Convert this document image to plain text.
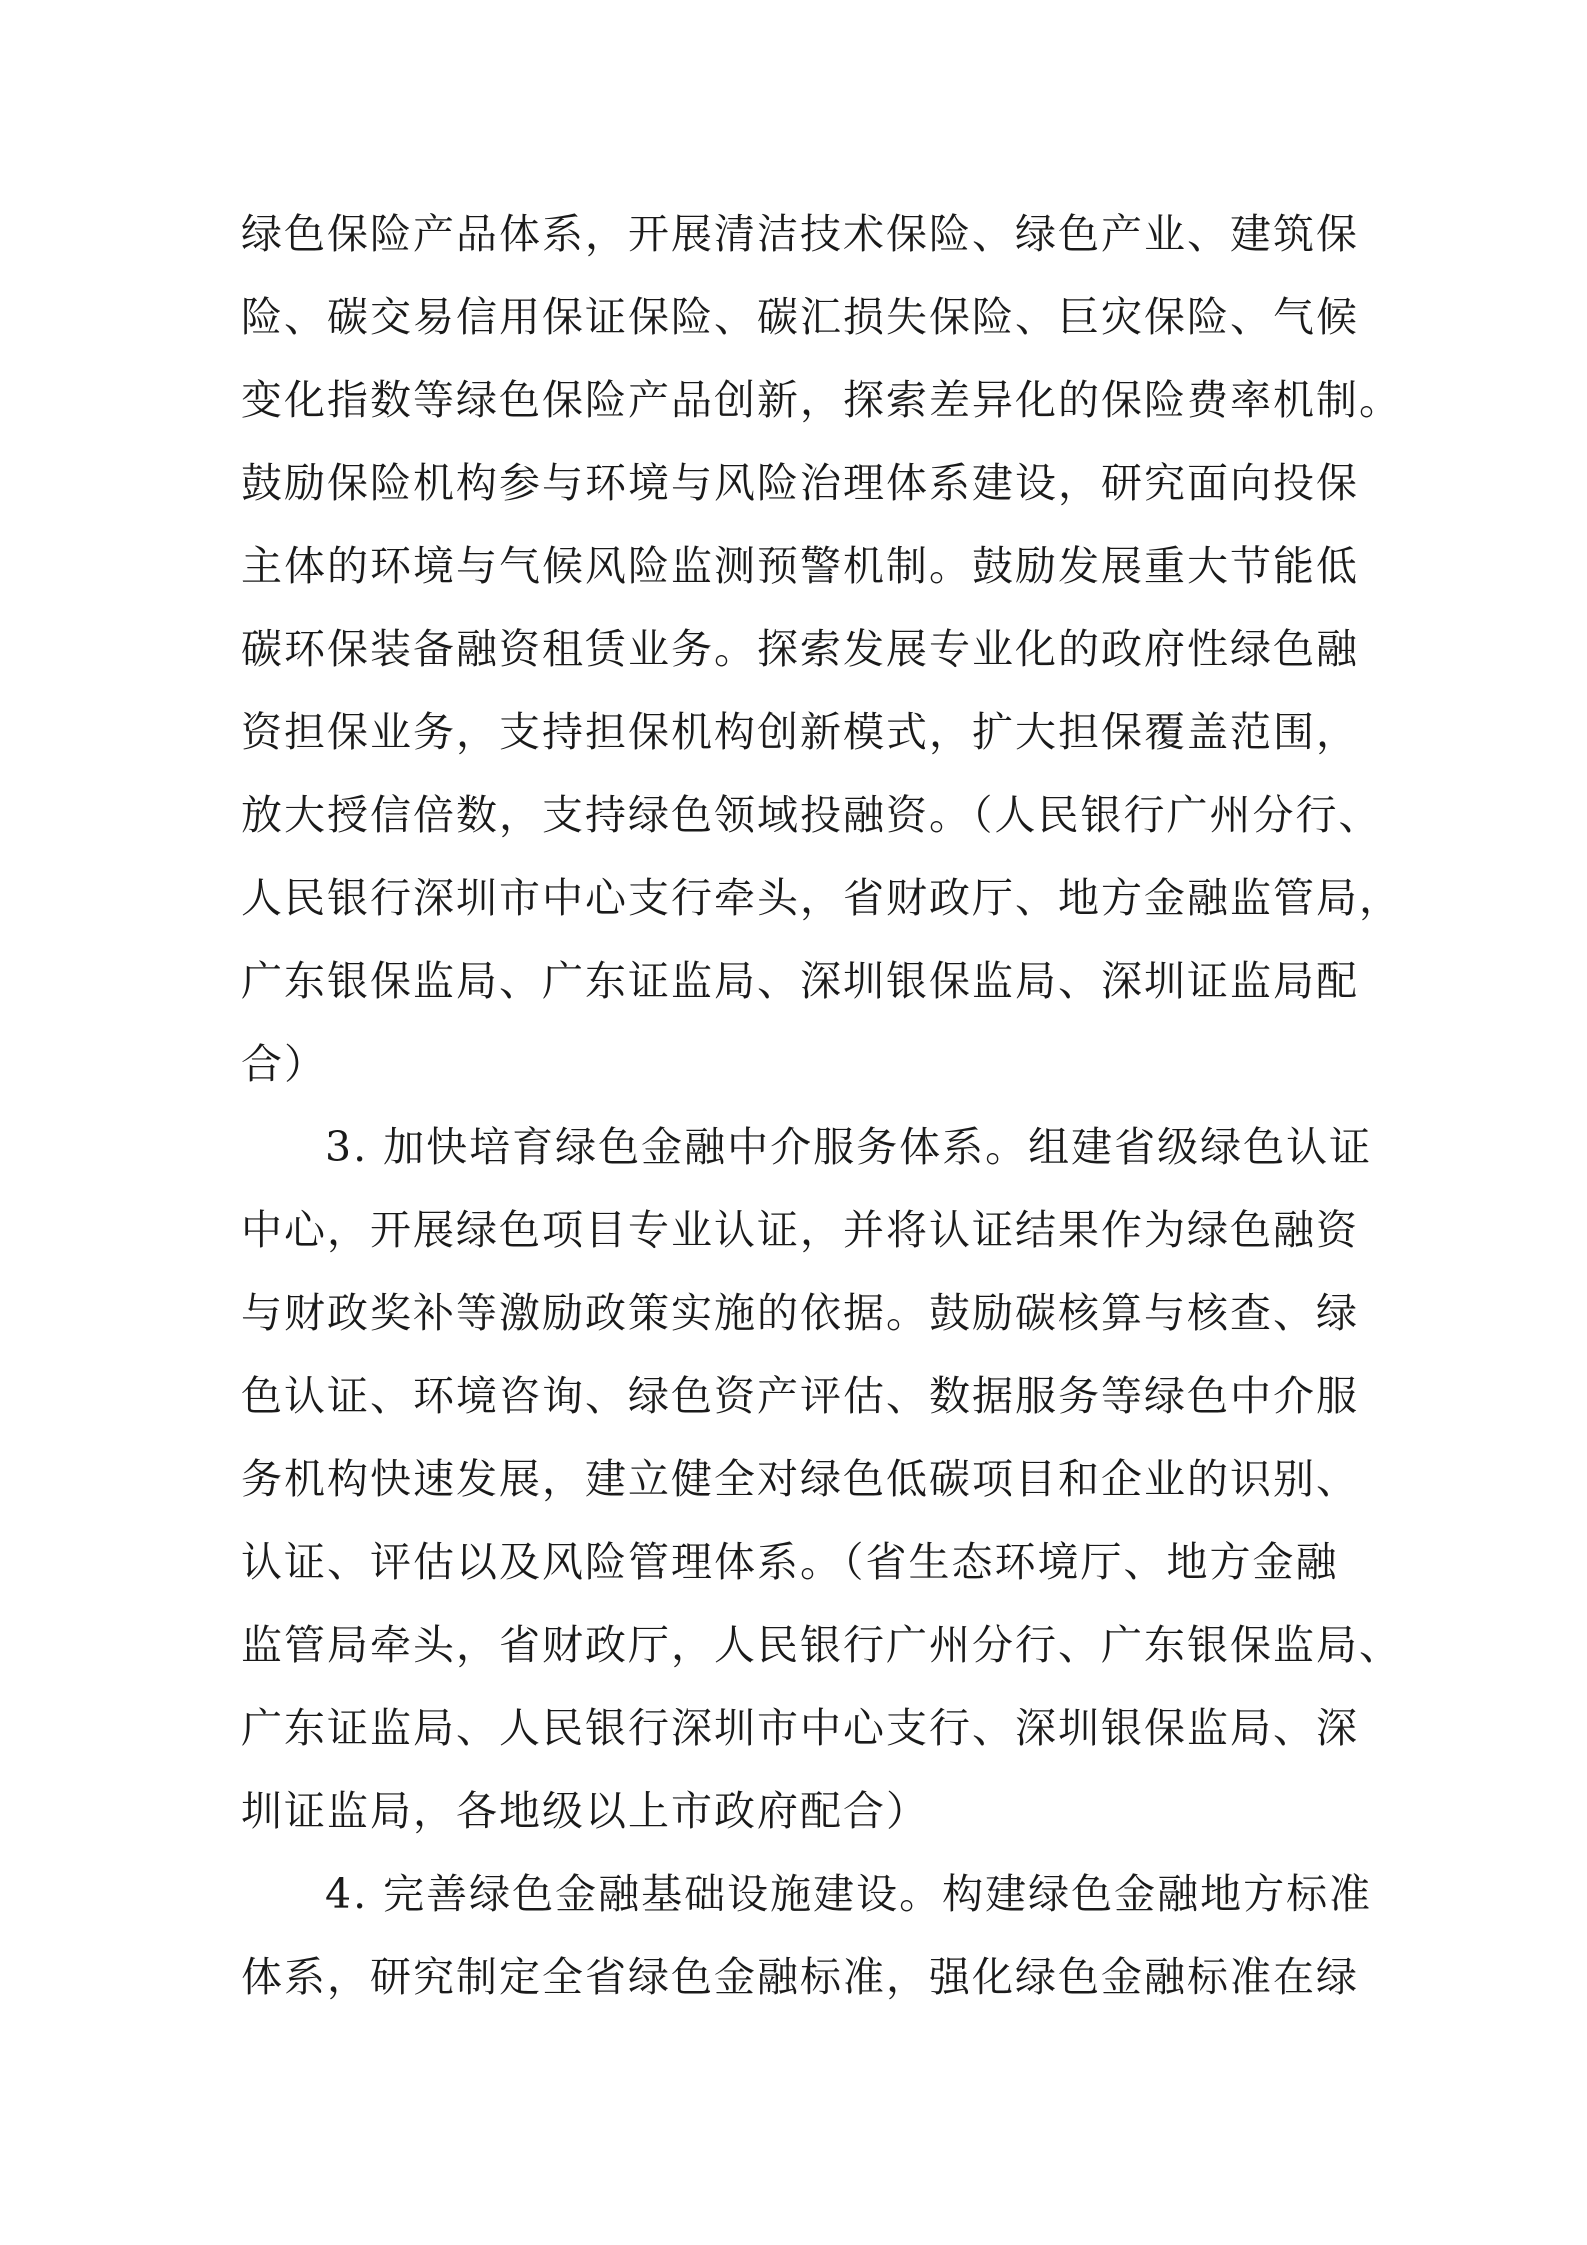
绿色保险产品体系，开展清洁技术保险、绿色产业、建筑保
险、碳交易信用保证保险、碳汇损失保险、巨灾保险、气候
变化指数等绿色保险产品创新，探索差异化的保险费率机制。
鼓励保险机构参与环境与风险治理体系建设，研究面向投保
主体的环境与气候风险监测预警机制。鼓励发展重大节能低
碳环保装备融资租赁业务。探索发展专业化的政府性绿色融
资担保业务，支持担保机构创新模式，扩大担保覆盖范围，
放大授信倍数，支持绿色领域投融资。（人民银行广州分行、
人民银行深圳市中心支行牵头，省财政厅、地方金融监管局，
广东银保监局、广东证监局、深圳银保监局、深圳证监局配
合）
3. 加快培育绿色金融中介服务体系。组建省级绿色认证
中心，开展绿色项目专业认证，并将认证结果作为绿色融资
与财政奖补等激励政策实施的依据。鼓励碳核算与核查、绿
色认证、环境咨询、绿色资产评估、数据服务等绿色中介服
务机构快速发展，建立健全对绿色低碳项目和企业的识别、
认证、评估以及风险管理体系。（省生态环境厅、地方金融
监管局牵头，省财政厅，人民银行广州分行、广东银保监局、
广东证监局、人民银行深圳市中心支行、深圳银保监局、深
圳证监局，各地级以上市政府配合）
4. 完善绿色金融基础设施建设。构建绿色金融地方标准
体系，研究制定全省绿色金融标准，强化绿色金融标准在绿
